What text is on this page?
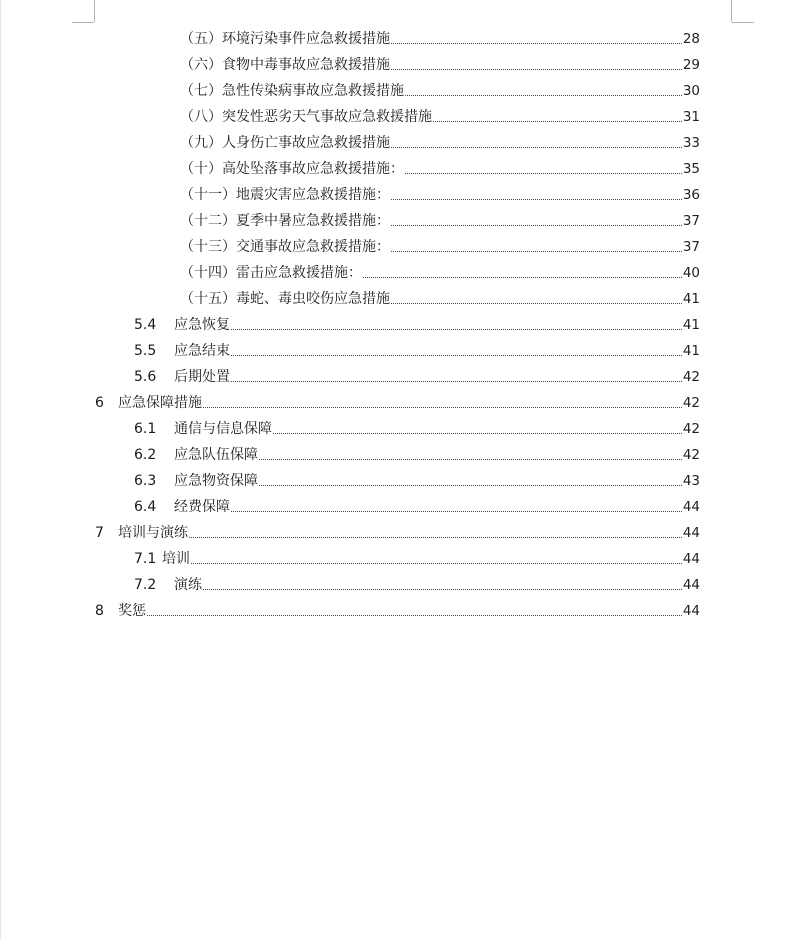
（五）环境污染事件应急救援措施	28
（六）食物中毒事故应急救援措施	29
（七）急性传染病事故应急救援措施	30
（八）突发性恶劣天气事故应急救援措施	31
（九）人身伤亡事故应急救援措施	33
（十）高处坠落事故应急救援措施：	35
（十一）地震灾害应急救援措施：	36
（十二）夏季中暑应急救援措施：	37
（十三）交通事故应急救援措施：	37
（十四）雷击应急救援措施：	40
（十五）毒蛇、毒虫咬伤应急措施	41
5.4	应急恢复	41
5.5	应急结束	41
5.6	后期处置	42
6	应急保障措施	42
6.1	通信与信息保障	42
6.2	应急队伍保障	42
6.3	应急物资保障	43
6.4	经费保障	44
7	培训与演练	44
7.1 培训	44
7.2	演练	44
8	奖惩	44
